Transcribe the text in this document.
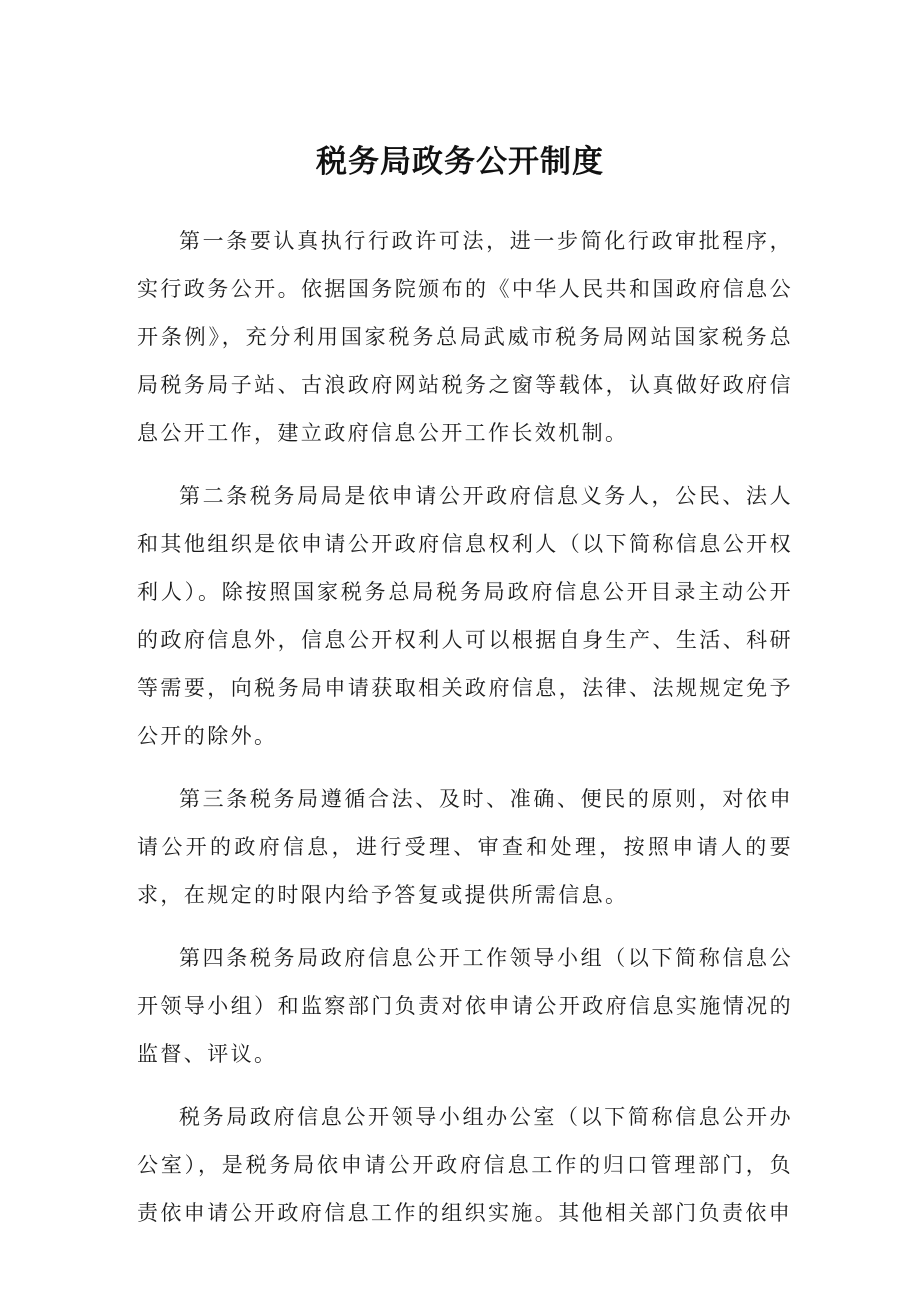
税务局政务公开制度

第一条要认真执行行政许可法，进一步简化行政审批程序，实行政务公开。依据国务院颁布的《中华人民共和国政府信息公开条例》，充分利用国家税务总局武威市税务局网站国家税务总局税务局子站、古浪政府网站税务之窗等载体，认真做好政府信息公开工作，建立政府信息公开工作长效机制。

第二条税务局局是依申请公开政府信息义务人，公民、法人和其他组织是依申请公开政府信息权利人（以下简称信息公开权利人）。除按照国家税务总局税务局政府信息公开目录主动公开的政府信息外，信息公开权利人可以根据自身生产、生活、科研等需要，向税务局申请获取相关政府信息，法律、法规规定免予公开的除外。

第三条税务局遵循合法、及时、准确、便民的原则，对依申请公开的政府信息，进行受理、审查和处理，按照申请人的要求，在规定的时限内给予答复或提供所需信息。

第四条税务局政府信息公开工作领导小组（以下简称信息公开领导小组）和监察部门负责对依申请公开政府信息实施情况的监督、评议。

税务局政府信息公开领导小组办公室（以下简称信息公开办公室），是税务局依申请公开政府信息工作的归口管理部门，负责依申请公开政府信息工作的组织实施。其他相关部门负责依申
